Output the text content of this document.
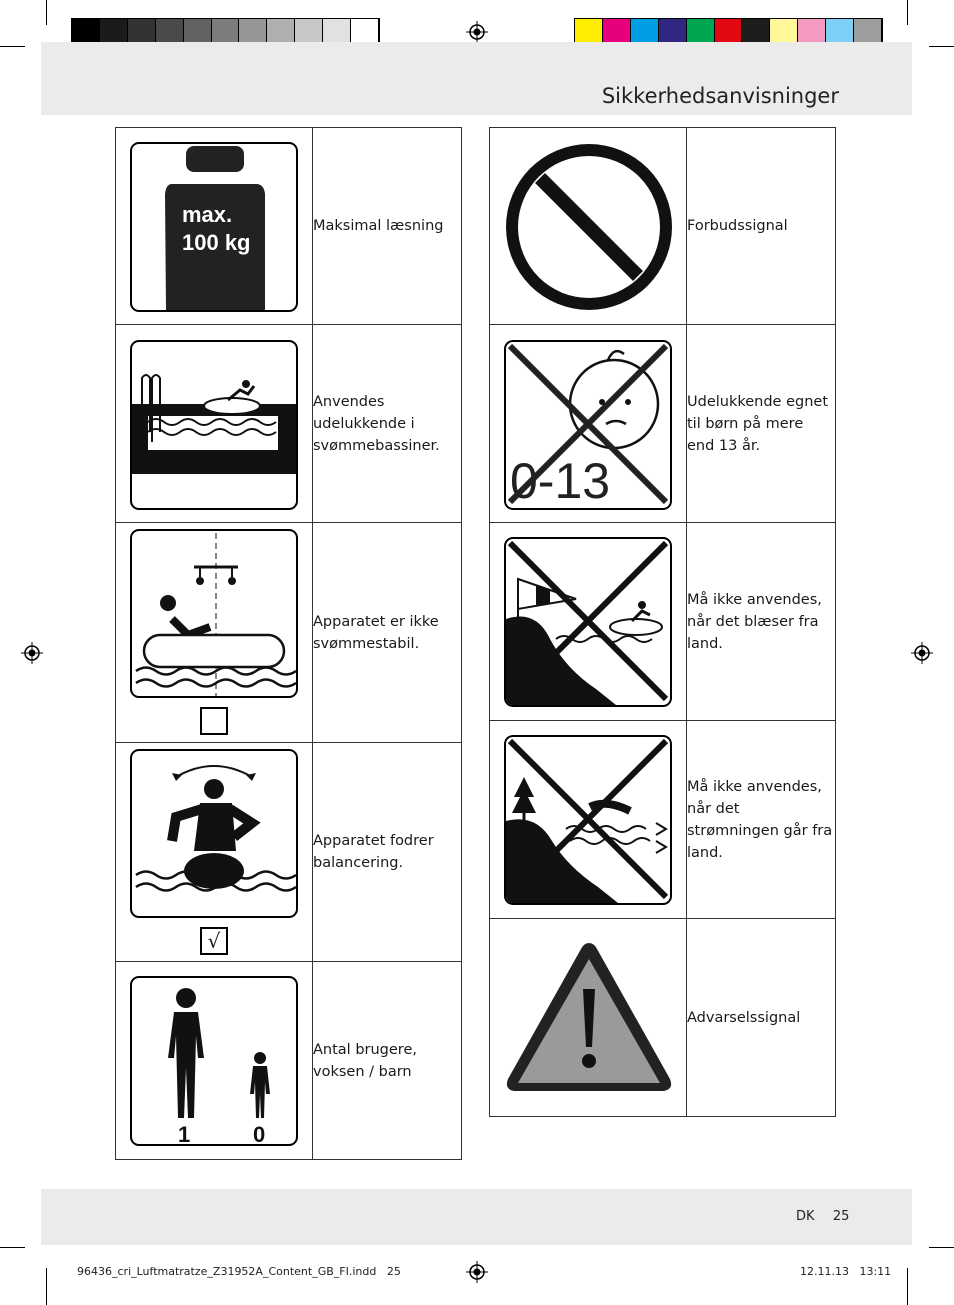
Sikkerhedsanvisninger
max.
100 kg	Maksimal læsning

	Anvendes udelukkende i svømmebassiner.

	Apparatet er ikke svømmestabil.

√	Apparatet fodrer balancering.

1 0	Antal brugere, voksen / barn
	Forbudssignal

0-13	Udelukkende egnet til børn på mere end 13 år.

	Må ikke anvendes, når det blæser fra land.

	Må ikke anvendes, når det strømningen går fra land.

	Advarselssignal
DK 25
96436_cri_Luftmatratze_Z31952A_Content_GB_FI.indd   25	12.11.13   13:11
